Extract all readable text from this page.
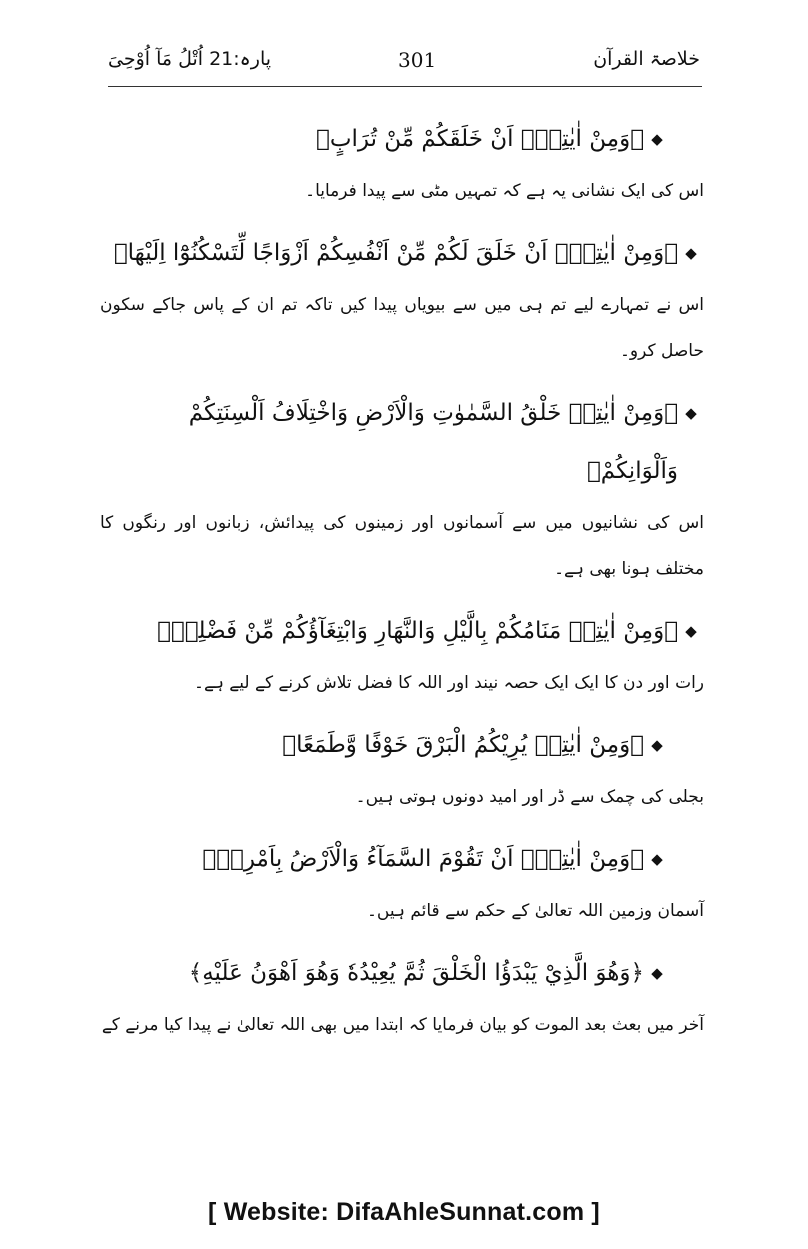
خلاصۃ القرآن
301
پارہ:21 اُتْلُ مَآ اُوْحِیَ
◆
﴿وَمِنْ اٰيٰتِهٖٓ اَنْ خَلَقَكُمْ مِّنْ تُرَابٍ﴾

اس کی ایک نشانی یہ ہے کہ تمہیں مٹی سے پیدا فرمایا۔

◆
﴿وَمِنْ اٰيٰتِهٖٓ اَنْ خَلَقَ لَكُمْ مِّنْ اَنْفُسِكُمْ اَزْوَاجًا لِّتَسْكُنُوْٓا اِلَيْهَا﴾

اس نے تمہارے لیے تم ہی میں سے بیویاں پیدا کیں تاکہ تم ان کے پاس جاکے سکون حاصل کرو۔

◆
﴿وَمِنْ اٰيٰتِهٖ خَلْقُ السَّمٰوٰتِ وَالْاَرْضِ وَاخْتِلَافُ اَلْسِنَتِكُمْ وَاَلْوَانِكُمْ﴾

اس کی نشانیوں میں سے آسمانوں اور زمینوں کی پیدائش، زبانوں اور رنگوں کا مختلف ہونا بھی ہے۔

◆
﴿وَمِنْ اٰيٰتِهٖ مَنَامُكُمْ بِالَّيْلِ وَالنَّهَارِ وَابْتِغَآؤُكُمْ مِّنْ فَضْلِهٖ﴾

رات اور دن کا ایک ایک حصہ نیند اور اللہ کا فضل تلاش کرنے کے لیے ہے۔

◆
﴿وَمِنْ اٰيٰتِهٖ يُرِيْكُمُ الْبَرْقَ خَوْفًا وَّطَمَعًا﴾

بجلی کی چمک سے ڈر اور امید دونوں ہوتی ہیں۔

◆
﴿وَمِنْ اٰيٰتِهٖٓ اَنْ تَقُوْمَ السَّمَآءُ وَالْاَرْضُ بِاَمْرِهٖ﴾

آسمان وزمین اللہ تعالیٰ کے حکم سے قائم ہیں۔

◆
﴿وَهُوَ الَّذِيْ يَبْدَؤُا الْخَلْقَ ثُمَّ يُعِيْدُهٗ وَهُوَ اَهْوَنُ عَلَيْهِ﴾

آخر میں بعث بعد الموت کو بیان فرمایا کہ ابتدا میں بھی اللہ تعالیٰ نے پیدا کیا مرنے کے

[ Website: DifaAhleSunnat.com ]
